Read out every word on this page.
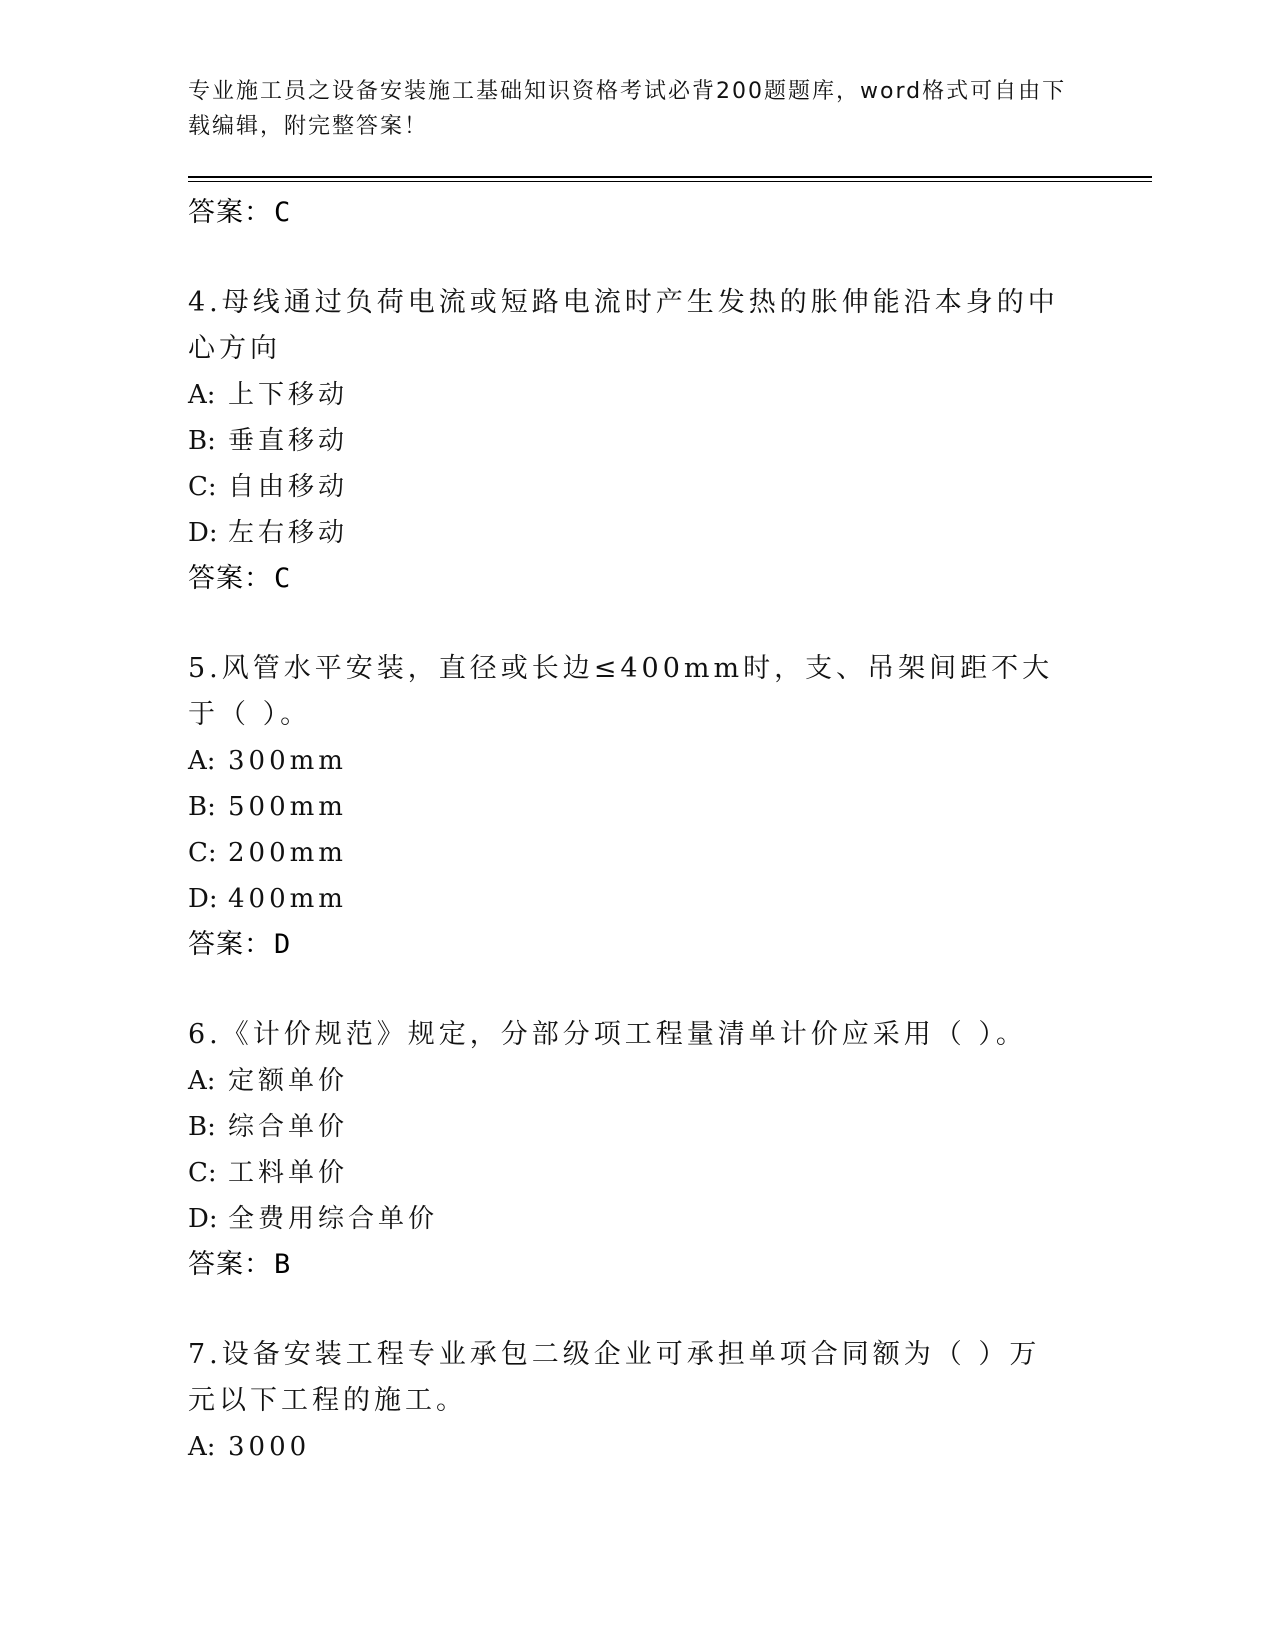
专业施工员之设备安装施工基础知识资格考试必背200题题库，word格式可自由下载编辑，附完整答案！
答案：C
4.母线通过负荷电流或短路电流时产生发热的胀伸能沿本身的中心方向
A: 上下移动
B: 垂直移动
C: 自由移动
D: 左右移动
答案：C
5.风管水平安装，直径或长边≤400mm时，支、吊架间距不大于（ ）。
A: 300mm
B: 500mm
C: 200mm
D: 400mm
答案：D
6.《计价规范》规定，分部分项工程量清单计价应采用（ ）。
A: 定额单价
B: 综合单价
C: 工料单价
D: 全费用综合单价
答案：B
7.设备安装工程专业承包二级企业可承担单项合同额为（ ）万元以下工程的施工。
A: 3000
